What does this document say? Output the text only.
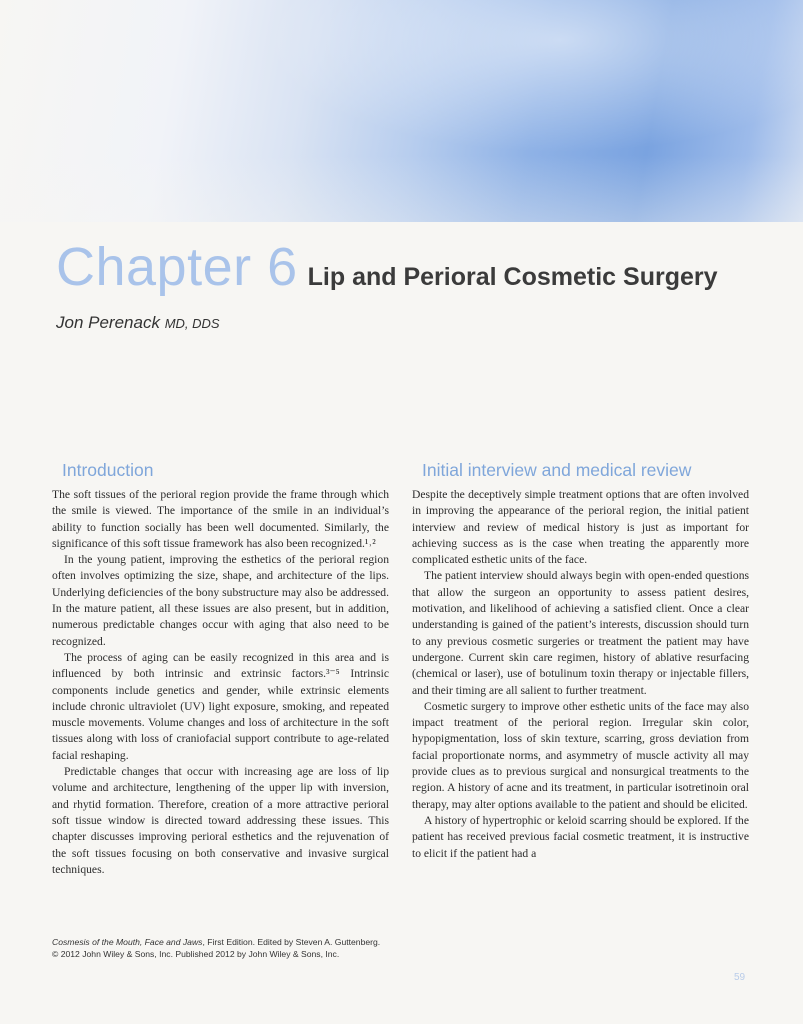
Chapter 6 Lip and Perioral Cosmetic Surgery
Jon Perenack MD, DDS
Introduction

The soft tissues of the perioral region provide the frame through which the smile is viewed. The importance of the smile in an individual’s ability to function socially has been well documented. Similarly, the significance of this soft tissue framework has also been recognized.¹˒²

In the young patient, improving the esthetics of the perioral region often involves optimizing the size, shape, and architecture of the lips. Underlying deficiencies of the bony substructure may also be addressed. In the mature patient, all these issues are also present, but in addition, numerous predictable changes occur with aging that also need to be recognized.

The process of aging can be easily recognized in this area and is influenced by both intrinsic and extrinsic factors.³⁻⁵ Intrinsic components include genetics and gender, while extrinsic elements include chronic ultraviolet (UV) light exposure, smoking, and repeated muscle movements. Volume changes and loss of architecture in the soft tissues along with loss of craniofacial support contribute to age-related facial reshaping.

Predictable changes that occur with increasing age are loss of lip volume and architecture, lengthening of the upper lip with inversion, and rhytid formation. Therefore, creation of a more attractive perioral soft tissue window is directed toward addressing these issues. This chapter discusses improving perioral esthetics and the rejuvenation of the soft tissues focusing on both conservative and invasive surgical techniques.

Initial interview and medical review

Despite the deceptively simple treatment options that are often involved in improving the appearance of the perioral region, the initial patient interview and review of medical history is just as important for achieving success as is the case when treating the apparently more complicated esthetic units of the face.

The patient interview should always begin with open-ended questions that allow the surgeon an opportunity to assess patient desires, motivation, and likelihood of achieving a satisfied client. Once a clear understanding is gained of the patient’s interests, discussion should turn to any previous cosmetic surgeries or treatment the patient may have undergone. Current skin care regimen, history of ablative resurfacing (chemical or laser), use of botulinum toxin therapy or injectable fillers, and their timing are all salient to further treatment.

Cosmetic surgery to improve other esthetic units of the face may also impact treatment of the perioral region. Irregular skin color, hypopigmentation, loss of skin texture, scarring, gross deviation from facial proportionate norms, and asymmetry of muscle activity all may provide clues as to previous surgical and nonsurgical treatments to the region. A history of acne and its treatment, in particular isotretinoin oral therapy, may alter options available to the patient and should be elicited.

A history of hypertrophic or keloid scarring should be explored. If the patient has received previous facial cosmetic treatment, it is instructive to elicit if the patient had a

Cosmesis of the Mouth, Face and Jaws, First Edition. Edited by Steven A. Guttenberg.
© 2012 John Wiley & Sons, Inc. Published 2012 by John Wiley & Sons, Inc.
59
